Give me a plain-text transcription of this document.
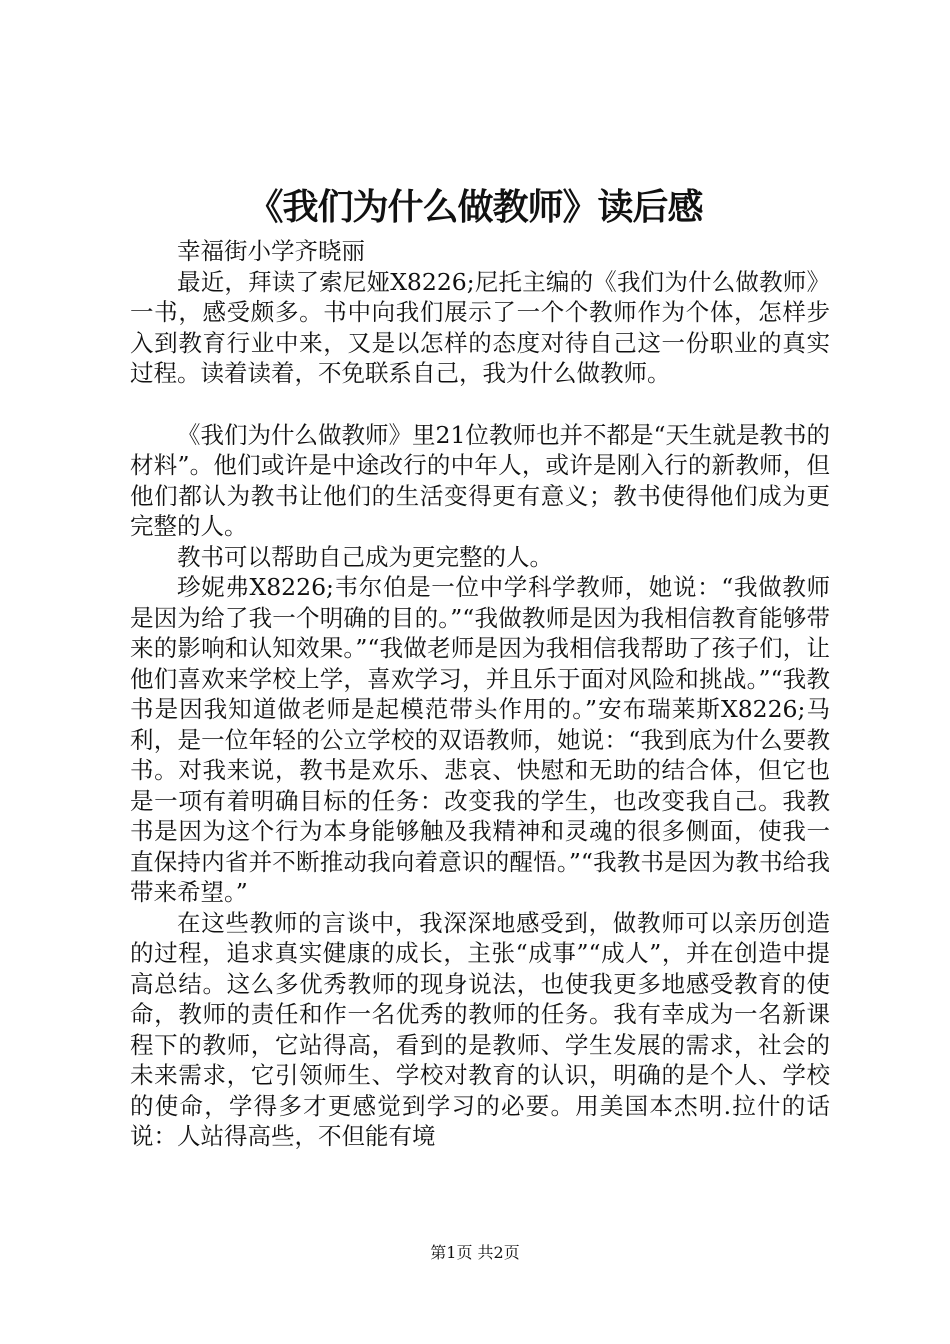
《我们为什么做教师》读后感

幸福街小学齐晓丽

最近，拜读了索尼娅X8226;尼托主编的《我们为什么做教师》一书，感受颇多。书中向我们展示了一个个教师作为个体，怎样步入到教育行业中来，又是以怎样的态度对待自己这一份职业的真实过程。读着读着，不免联系自己，我为什么做教师。

《我们为什么做教师》里21位教师也并不都是“天生就是教书的材料”。他们或许是中途改行的中年人，或许是刚入行的新教师，但他们都认为教书让他们的生活变得更有意义；教书使得他们成为更完整的人。

教书可以帮助自己成为更完整的人。

珍妮弗X8226;韦尔伯是一位中学科学教师，她说：“我做教师是因为给了我一个明确的目的。”“我做教师是因为我相信教育能够带来的影响和认知效果。”“我做老师是因为我相信我帮助了孩子们，让他们喜欢来学校上学，喜欢学习，并且乐于面对风险和挑战。”“我教书是因我知道做老师是起模范带头作用的。”安布瑞莱斯X8226;马利，是一位年轻的公立学校的双语教师，她说：“我到底为什么要教书。对我来说，教书是欢乐、悲哀、快慰和无助的结合体，但它也是一项有着明确目标的任务：改变我的学生，也改变我自己。我教书是因为这个行为本身能够触及我精神和灵魂的很多侧面，使我一直保持内省并不断推动我向着意识的醒悟。”“我教书是因为教书给我带来希望。”

在这些教师的言谈中，我深深地感受到，做教师可以亲历创造的过程，追求真实健康的成长，主张“成事”“成人”，并在创造中提高总结。这么多优秀教师的现身说法，也使我更多地感受教育的使命，教师的责任和作一名优秀的教师的任务。我有幸成为一名新课程下的教师，它站得高，看到的是教师、学生发展的需求，社会的未来需求，它引领师生、学校对教育的认识，明确的是个人、学校的使命，学得多才更感觉到学习的必要。用美国本杰明.拉什的话说：人站得高些，不但能有境

第1页 共2页
